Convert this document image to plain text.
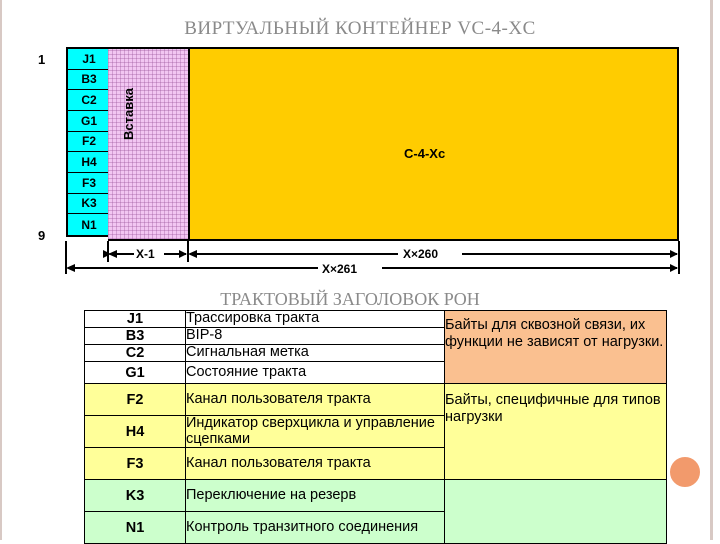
ВИРТУАЛЬНЫЙ КОНТЕЙНЕР VC-4-XC
1
9
J1
B3
C2
G1
F2
H4
F3
K3
N1
Вставка
C-4-Xc
X-1	X×260
X×261
ТРАКТОВЫЙ ЗАГОЛОВОК POH
J1	Трассировка тракта	Байты для сквозной связи, их функции не зависят от нагрузки.
B3	BIP-8	
C2	Сигнальная метка	
G1	Состояние тракта	
F2	Канал пользователя тракта	Байты, специфичные для типов нагрузки
H4	Индикатор сверхцикла и управление сцепками	
F3	Канал пользователя тракта	
K3	Переключение на резерв	
N1	Контроль транзитного соединения	
